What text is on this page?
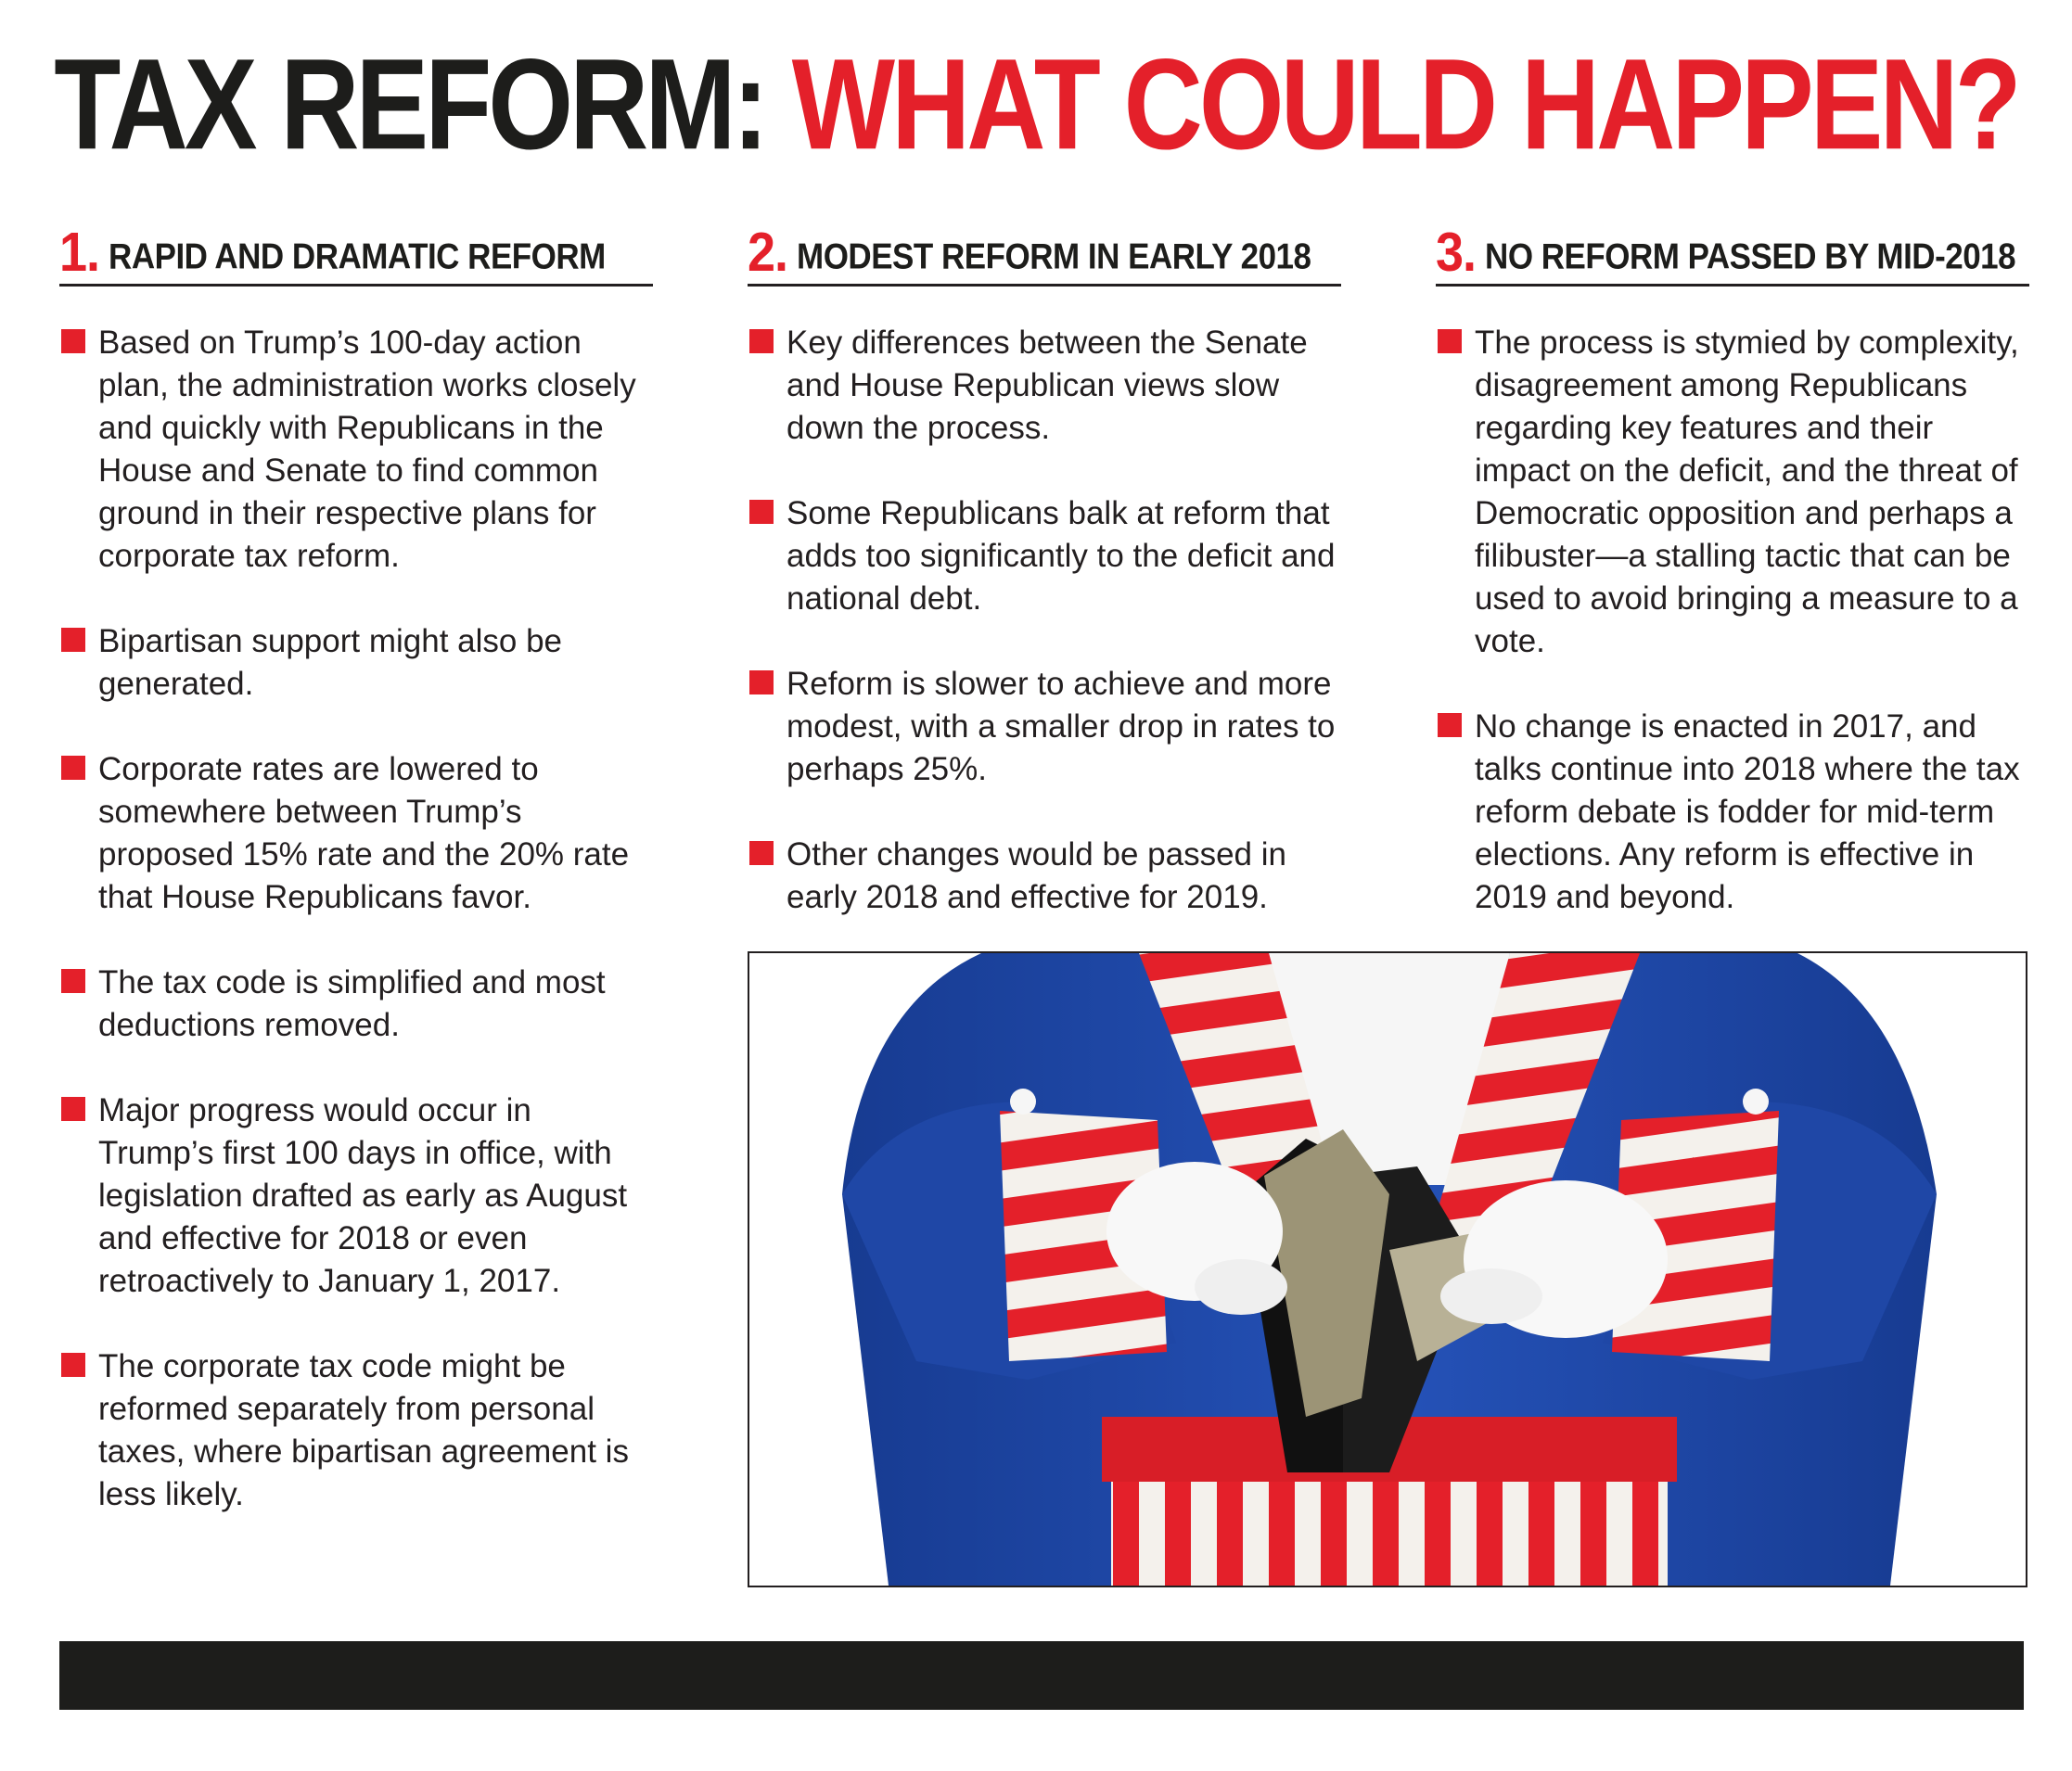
TAX REFORM: WHAT COULD HAPPEN?
1. RAPID AND DRAMATIC REFORM
Based on Trump’s 100-day action plan, the administration works closely and quickly with Republicans in the House and Senate to find common ground in their respective plans for corporate tax reform.
Bipartisan support might also be generated.
Corporate rates are lowered to somewhere between Trump’s proposed 15% rate and the 20% rate that House Republicans favor.
The tax code is simplified and most deductions removed.
Major progress would occur in Trump’s first 100 days in office, with legislation drafted as early as August and effective for 2018 or even retroactively to January 1, 2017.
The corporate tax code might be reformed separately from personal taxes, where bipartisan agreement is less likely.
2. MODEST REFORM IN EARLY 2018
Key differences between the Senate and House Republican views slow down the process.
Some Republicans balk at reform that adds too significantly to the deficit and national debt.
Reform is slower to achieve and more modest, with a smaller drop in rates to perhaps 25%.
Other changes would be passed in early 2018 and effective for 2019.
3. NO REFORM PASSED BY MID-2018
The process is stymied by complexity, disagreement among Republicans regarding key features and their impact on the deficit, and the threat of Democratic opposition and perhaps a filibuster—a stalling tactic that can be used to avoid bringing a measure to a vote.
No change is enacted in 2017, and talks continue into 2018 where the tax reform debate is fodder for mid-term elections. Any reform is effective in 2019 and beyond.
